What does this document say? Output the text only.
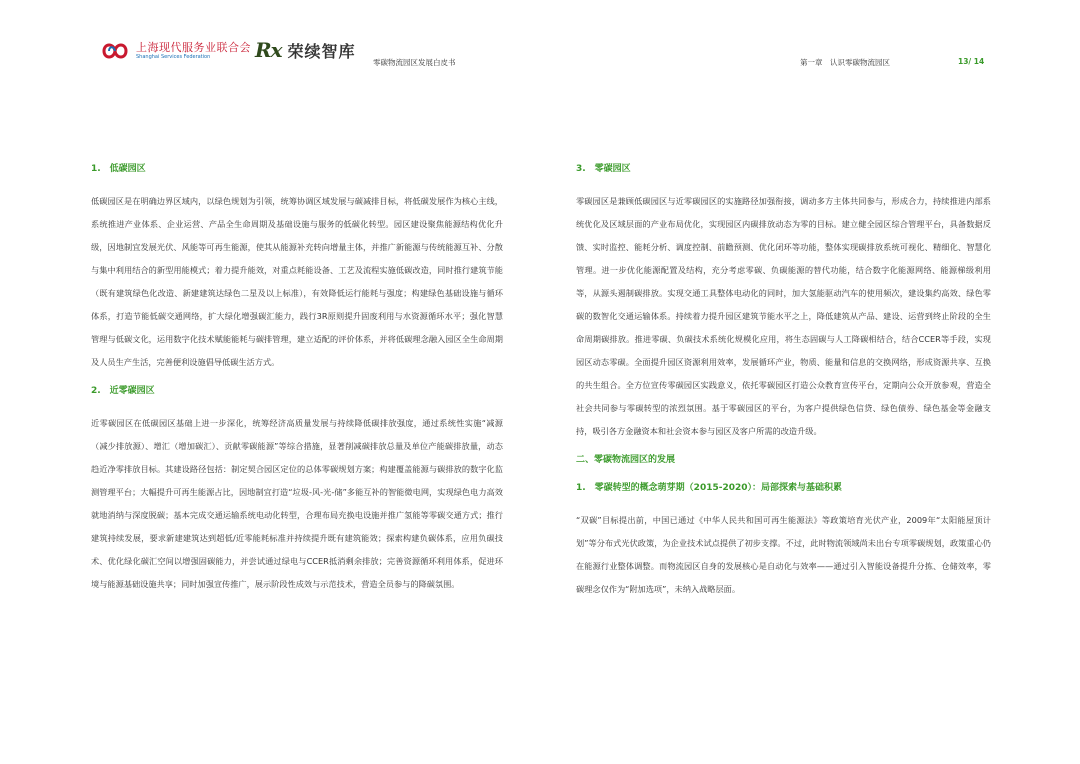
上海现代服务业联合会
Shanghai Services Federation	Rx 荣续智库
零碳物流园区发展白皮书	第一章　认识零碳物流园区	13/ 14

1.　低碳园区

低碳园区是在明确边界区域内，以绿色规划为引领，统筹协调区域发展与碳减排目标，将低碳发展作为核心主线，系统推进产业体系、企业运营、产品全生命周期及基础设施与服务的低碳化转型。园区建设聚焦能源结构优化升级，因地制宜发展光伏、风能等可再生能源，使其从能源补充转向增量主体，并推广新能源与传统能源互补、分散与集中利用结合的新型用能模式；着力提升能效，对重点耗能设备、工艺及流程实施低碳改造，同时推行建筑节能（既有建筑绿色化改造、新建建筑达绿色二星及以上标准），有效降低运行能耗与强度；构建绿色基础设施与循环体系，打造节能低碳交通网络，扩大绿化增强碳汇能力，践行3R原则提升固废利用与水资源循环水平；强化智慧管理与低碳文化，运用数字化技术赋能能耗与碳排管理，建立适配的评价体系，并将低碳理念融入园区全生命周期及人员生产生活，完善便利设施倡导低碳生活方式。

2.　近零碳园区

近零碳园区在低碳园区基础上进一步深化，统筹经济高质量发展与持续降低碳排放强度，通过系统性实施“减源（减少排放源）、增汇（增加碳汇）、贡献零碳能源”等综合措施，显著削减碳排放总量及单位产能碳排放量，动态趋近净零排放目标。其建设路径包括：制定契合园区定位的总体零碳规划方案；构建覆盖能源与碳排放的数字化监测管理平台；大幅提升可再生能源占比，因地制宜打造“垃圾-风-光-储”多能互补的智能微电网，实现绿色电力高效就地消纳与深度脱碳；基本完成交通运输系统电动化转型，合理布局充换电设施并推广氢能等零碳交通方式；推行建筑持续发展，要求新建建筑达到超低/近零能耗标准并持续提升既有建筑能效；探索构建负碳体系，应用负碳技术、优化绿化碳汇空间以增强固碳能力，并尝试通过绿电与CCER抵消剩余排放；完善资源循环利用体系，促进环境与能源基础设施共享；同时加强宣传推广，展示阶段性成效与示范技术，营造全员参与的降碳氛围。

3.　零碳园区

零碳园区是兼顾低碳园区与近零碳园区的实施路径加强衔接，调动多方主体共同参与，形成合力，持续推进内部系统优化及区域层面的产业布局优化，实现园区内碳排放动态为零的目标。建立健全园区综合管理平台，具备数据反馈、实时监控、能耗分析、调度控制、前瞻预测、优化闭环等功能，整体实现碳排放系统可视化、精细化、智慧化管理。进一步优化能源配置及结构，充分考虑零碳、负碳能源的替代功能，结合数字化能源网络、能源梯级利用等，从源头遏制碳排放。实现交通工具整体电动化的同时，加大氢能驱动汽车的使用频次，建设集约高效、绿色零碳的数智化交通运输体系。持续着力提升园区建筑节能水平之上，降低建筑从产品、建设、运营到终止阶段的全生命周期碳排放。推进零碳、负碳技术系统化规模化应用，将生态固碳与人工降碳相结合，结合CCER等手段，实现园区动态零碳。全面提升园区资源利用效率，发展循环产业，物质、能量和信息的交换网络，形成资源共享、互换的共生组合。全方位宣传零碳园区实践意义，依托零碳园区打造公众教育宣传平台，定期向公众开放参观，营造全社会共同参与零碳转型的浓烈氛围。基于零碳园区的平台，为客户提供绿色信贷、绿色债券、绿色基金等金融支持，吸引各方金融资本和社会资本参与园区及客户所需的改造升级。

二、零碳物流园区的发展

1.　零碳转型的概念萌芽期（2015-2020）：局部探索与基础积累

“双碳”目标提出前，中国已通过《中华人民共和国可再生能源法》等政策培育光伏产业，2009年“太阳能屋顶计划”等分布式光伏政策，为企业技术试点提供了初步支撑。不过，此时物流领域尚未出台专项零碳规划，政策重心仍在能源行业整体调整。而物流园区自身的发展核心是自动化与效率——通过引入智能设备提升分拣、仓储效率，零碳理念仅作为“附加选项”，未纳入战略层面。
